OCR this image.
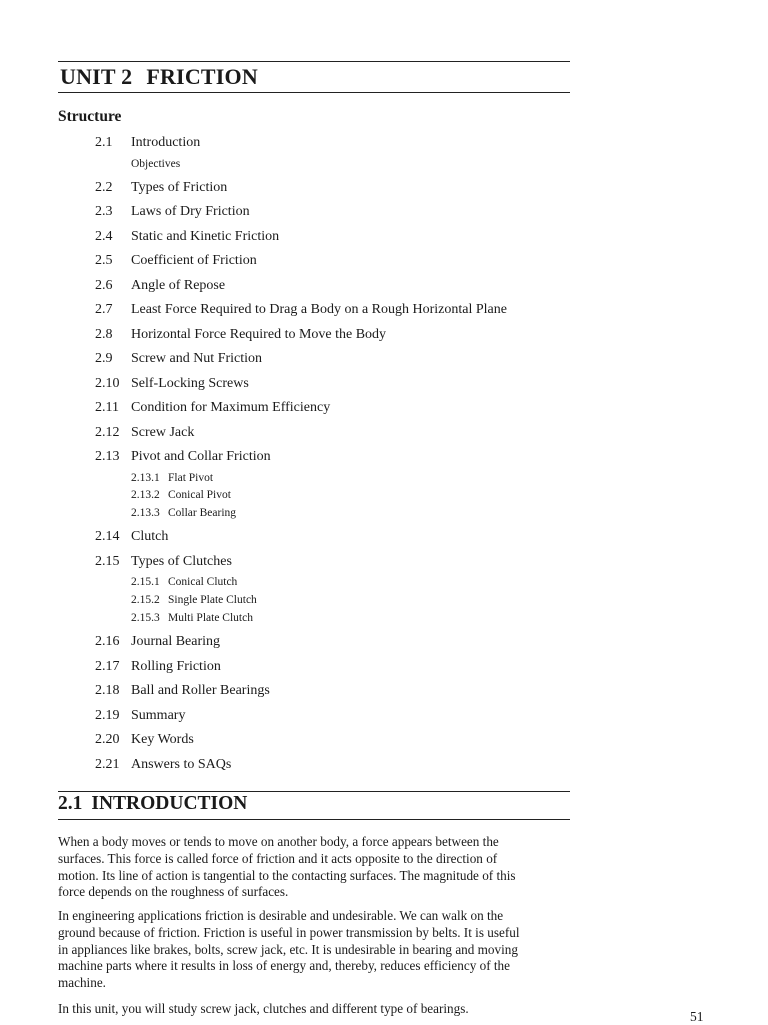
UNIT 2 FRICTION
Structure
2.1 Introduction
Objectives
2.2 Types of Friction
2.3 Laws of Dry Friction
2.4 Static and Kinetic Friction
2.5 Coefficient of Friction
2.6 Angle of Repose
2.7 Least Force Required to Drag a Body on a Rough Horizontal Plane
2.8 Horizontal Force Required to Move the Body
2.9 Screw and Nut Friction
2.10 Self-Locking Screws
2.11 Condition for Maximum Efficiency
2.12 Screw Jack
2.13 Pivot and Collar Friction
2.13.1 Flat Pivot
2.13.2 Conical Pivot
2.13.3 Collar Bearing
2.14 Clutch
2.15 Types of Clutches
2.15.1 Conical Clutch
2.15.2 Single Plate Clutch
2.15.3 Multi Plate Clutch
2.16 Journal Bearing
2.17 Rolling Friction
2.18 Ball and Roller Bearings
2.19 Summary
2.20 Key Words
2.21 Answers to SAQs
2.1 INTRODUCTION
When a body moves or tends to move on another body, a force appears between the
surfaces. This force is called force of friction and it acts opposite to the direction of
motion. Its line of action is tangential to the contacting surfaces. The magnitude of this
force depends on the roughness of surfaces.
In engineering applications friction is desirable and undesirable. We can walk on the
ground because of friction. Friction is useful in power transmission by belts. It is useful
in appliances like brakes, bolts, screw jack, etc. It is undesirable in bearing and moving
machine parts where it results in loss of energy and, thereby, reduces efficiency of the
machine.
In this unit, you will study screw jack, clutches and different type of bearings.
51
